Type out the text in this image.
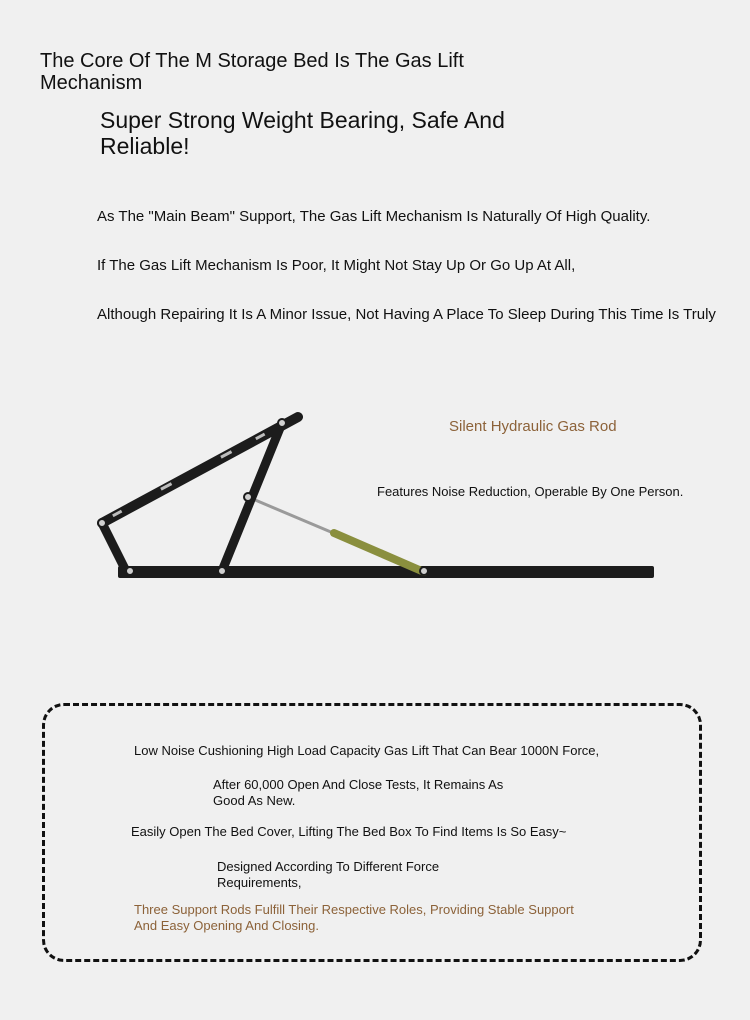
The Core Of The M Storage Bed Is The Gas Lift Mechanism
Super Strong Weight Bearing, Safe And Reliable!
As The "Main Beam" Support, The Gas Lift Mechanism Is Naturally Of High Quality.
If The Gas Lift Mechanism Is Poor, It Might Not Stay Up Or Go Up At All,
Although Repairing It Is A Minor Issue, Not Having A Place To Sleep During This Time Is Truly
Silent Hydraulic Gas Rod
Features Noise Reduction, Operable By One Person.
Low Noise Cushioning High Load Capacity Gas Lift That Can Bear 1000N Force,
After 60,000 Open And Close Tests, It Remains As Good As New.
Easily Open The Bed Cover, Lifting The Bed Box To Find Items Is So Easy~
Designed According To Different Force Requirements,
Three Support Rods Fulfill Their Respective Roles, Providing Stable Support And Easy Opening And Closing.
